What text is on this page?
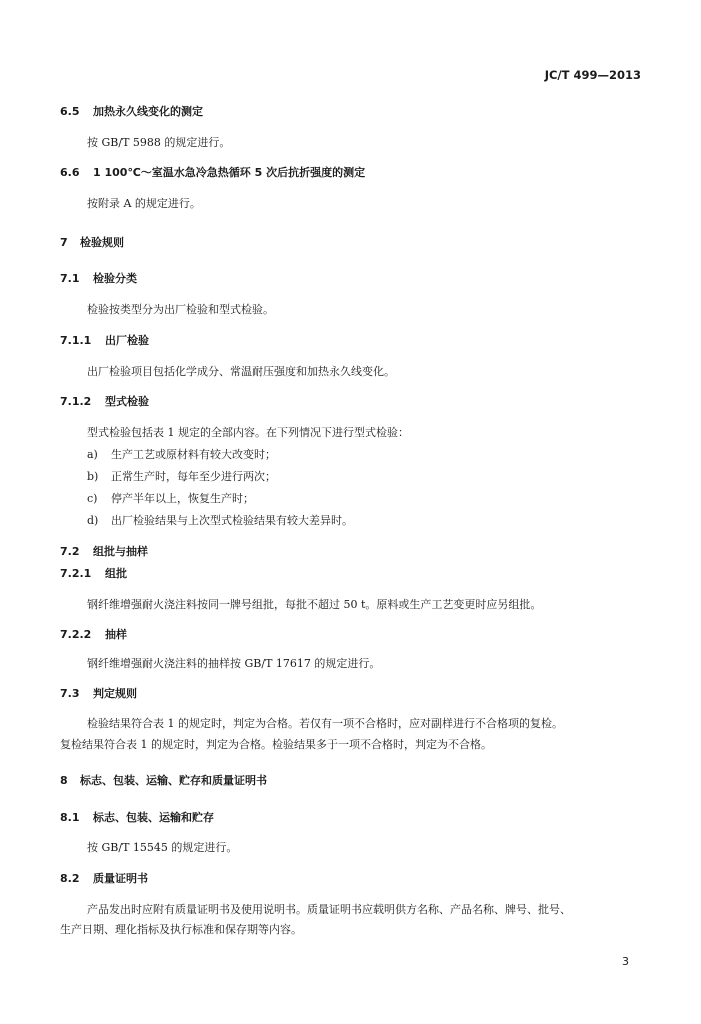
JC/T 499—2013
6.5 加热永久线变化的测定
按 GB/T 5988 的规定进行。
6.6 1 100℃～室温水急冷急热循环 5 次后抗折强度的测定
按附录 A 的规定进行。
7 检验规则
7.1 检验分类
检验按类型分为出厂检验和型式检验。
7.1.1 出厂检验
出厂检验项目包括化学成分、常温耐压强度和加热永久线变化。
7.1.2 型式检验
型式检验包括表 1 规定的全部内容。在下列情况下进行型式检验：
a) 生产工艺或原材料有较大改变时；
b) 正常生产时，每年至少进行两次；
c) 停产半年以上，恢复生产时；
d) 出厂检验结果与上次型式检验结果有较大差异时。
7.2 组批与抽样
7.2.1 组批
钢纤维增强耐火浇注料按同一牌号组批，每批不超过 50 t。原料或生产工艺变更时应另组批。
7.2.2 抽样
钢纤维增强耐火浇注料的抽样按 GB/T 17617 的规定进行。
7.3 判定规则
检验结果符合表 1 的规定时，判定为合格。若仅有一项不合格时，应对副样进行不合格项的复检。
复检结果符合表 1 的规定时，判定为合格。检验结果多于一项不合格时，判定为不合格。
8 标志、包装、运输、贮存和质量证明书
8.1 标志、包装、运输和贮存
按 GB/T 15545 的规定进行。
8.2 质量证明书
产品发出时应附有质量证明书及使用说明书。质量证明书应载明供方名称、产品名称、牌号、批号、
生产日期、理化指标及执行标准和保存期等内容。
3
